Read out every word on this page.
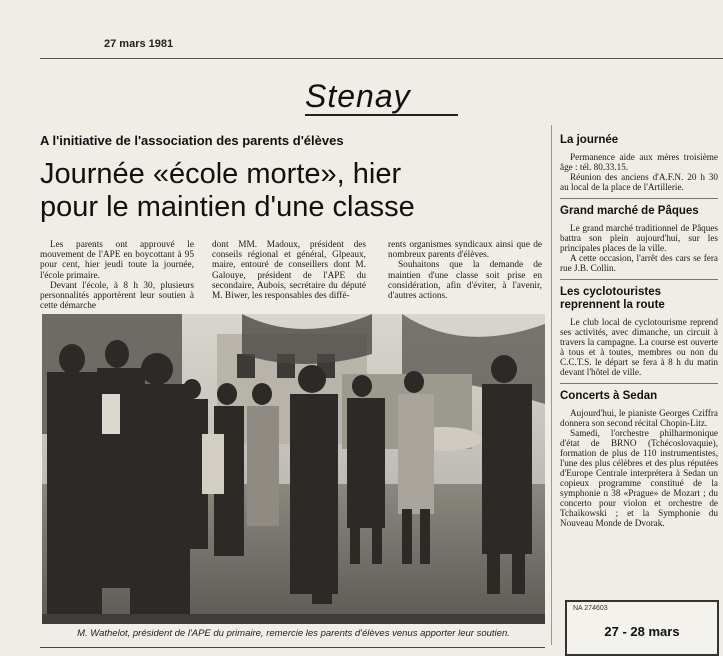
27 mars 1981
Stenay
A l'initiative de l'association des parents d'élèves
Journée «école morte», hier
pour le maintien d'une classe

Les parents ont approuvé le mouvement de l'APE en boycottant à 95 pour cent, hier jeudi toute la journée, l'école primaire.

Devant l'école, à 8 h 30, plusieurs personnalités apportèrent leur soutien à cette démarche

dont MM. Madoux, président des conseils régional et général, Glpeaux, maire, entouré de conseillers dont M. Galouye, président de l'APE du secondaire, Aubois, secrétaire du député M. Biwer, les responsables des diffé-

rents organismes syndicaux ainsi que de nombreux parents d'élèves.

Souhaitons que la demande de maintien d'une classe soit prise en considération, afin d'éviter, à l'avenir, d'autres actions.

M. Wathelot, président de l'APE du primaire, remercie les parents d'élèves venus apporter leur soutien.
La journée
Permanence aide aux mères troisième âge : tél. 80.33.15.
Réunion des anciens d'A.F.N. 20 h 30 au local de la place de l'Artillerie.
Grand marché de Pâques
Le grand marché traditionnel de Pâques battra son plein aujourd'hui, sur les principales places de la ville.
A cette occasion, l'arrêt des cars se fera rue J.B. Collin.
Les cyclotouristes reprennent la route
Le club local de cyclotourisme reprend ses activités, avec dimanche, un circuit à travers la campagne. La course est ouverte à tous et à toutes, membres ou non du C.C.T.S. le départ se fera à 8 h du matin devant l'hôtel de ville.
Concerts à Sedan
Aujourd'hui, le pianiste Georges Cziffra donnera son second récital Chopin-Litz.
Samedi, l'orchestre philharmonique d'état de BRNO (Tchécoslovaquie), formation de plus de 110 instrumentistes, l'une des plus célèbres et des plus réputées d'Europe Centrale interprétera à Sedan un copieux programme constitué de la symphonie n 38 «Prague» de Mozart ; du concerto pour violon et orchestre de Tchaikowski ; et la Symphonie du Nouveau Monde de Dvorak.
NA 274603
27 - 28 mars
